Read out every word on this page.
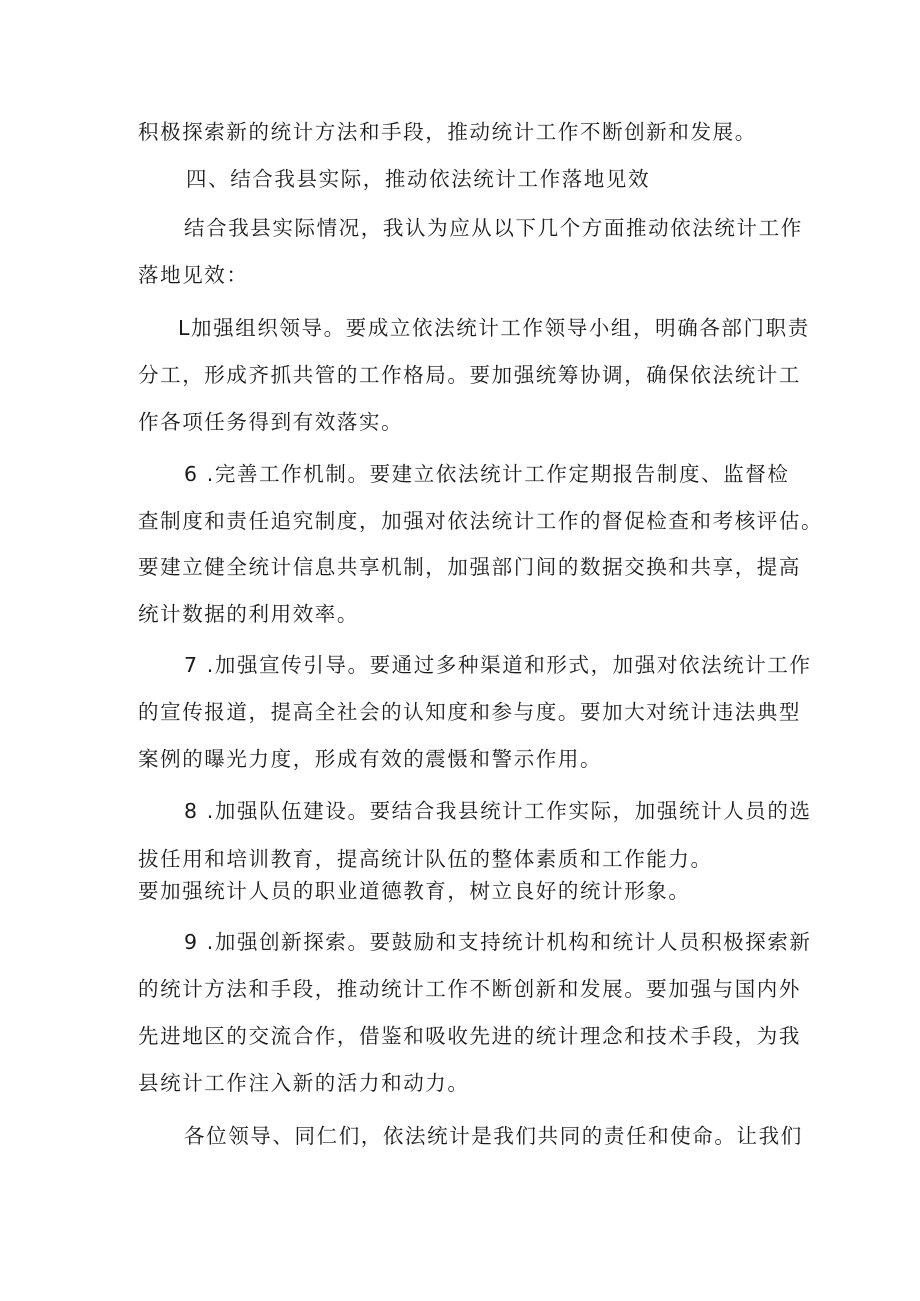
积极探索新的统计方法和手段，推动统计工作不断创新和发展。
四、结合我县实际，推动依法统计工作落地见效
结合我县实际情况，我认为应从以下几个方面推动依法统计工作
落地见效：
L加强组织领导。要成立依法统计工作领导小组，明确各部门职责
分工，形成齐抓共管的工作格局。要加强统筹协调，确保依法统计工
作各项任务得到有效落实。
6 .完善工作机制。要建立依法统计工作定期报告制度、监督检
查制度和责任追究制度，加强对依法统计工作的督促检查和考核评估。
要建立健全统计信息共享机制，加强部门间的数据交换和共享，提高
统计数据的利用效率。
7 .加强宣传引导。要通过多种渠道和形式，加强对依法统计工作
的宣传报道，提高全社会的认知度和参与度。要加大对统计违法典型
案例的曝光力度，形成有效的震慑和警示作用。
8 .加强队伍建设。要结合我县统计工作实际，加强统计人员的选
拔任用和培训教育，提高统计队伍的整体素质和工作能力。
要加强统计人员的职业道德教育，树立良好的统计形象。
9 .加强创新探索。要鼓励和支持统计机构和统计人员积极探索新
的统计方法和手段，推动统计工作不断创新和发展。要加强与国内外
先进地区的交流合作，借鉴和吸收先进的统计理念和技术手段，为我
县统计工作注入新的活力和动力。
各位领导、同仁们，依法统计是我们共同的责任和使命。让我们
